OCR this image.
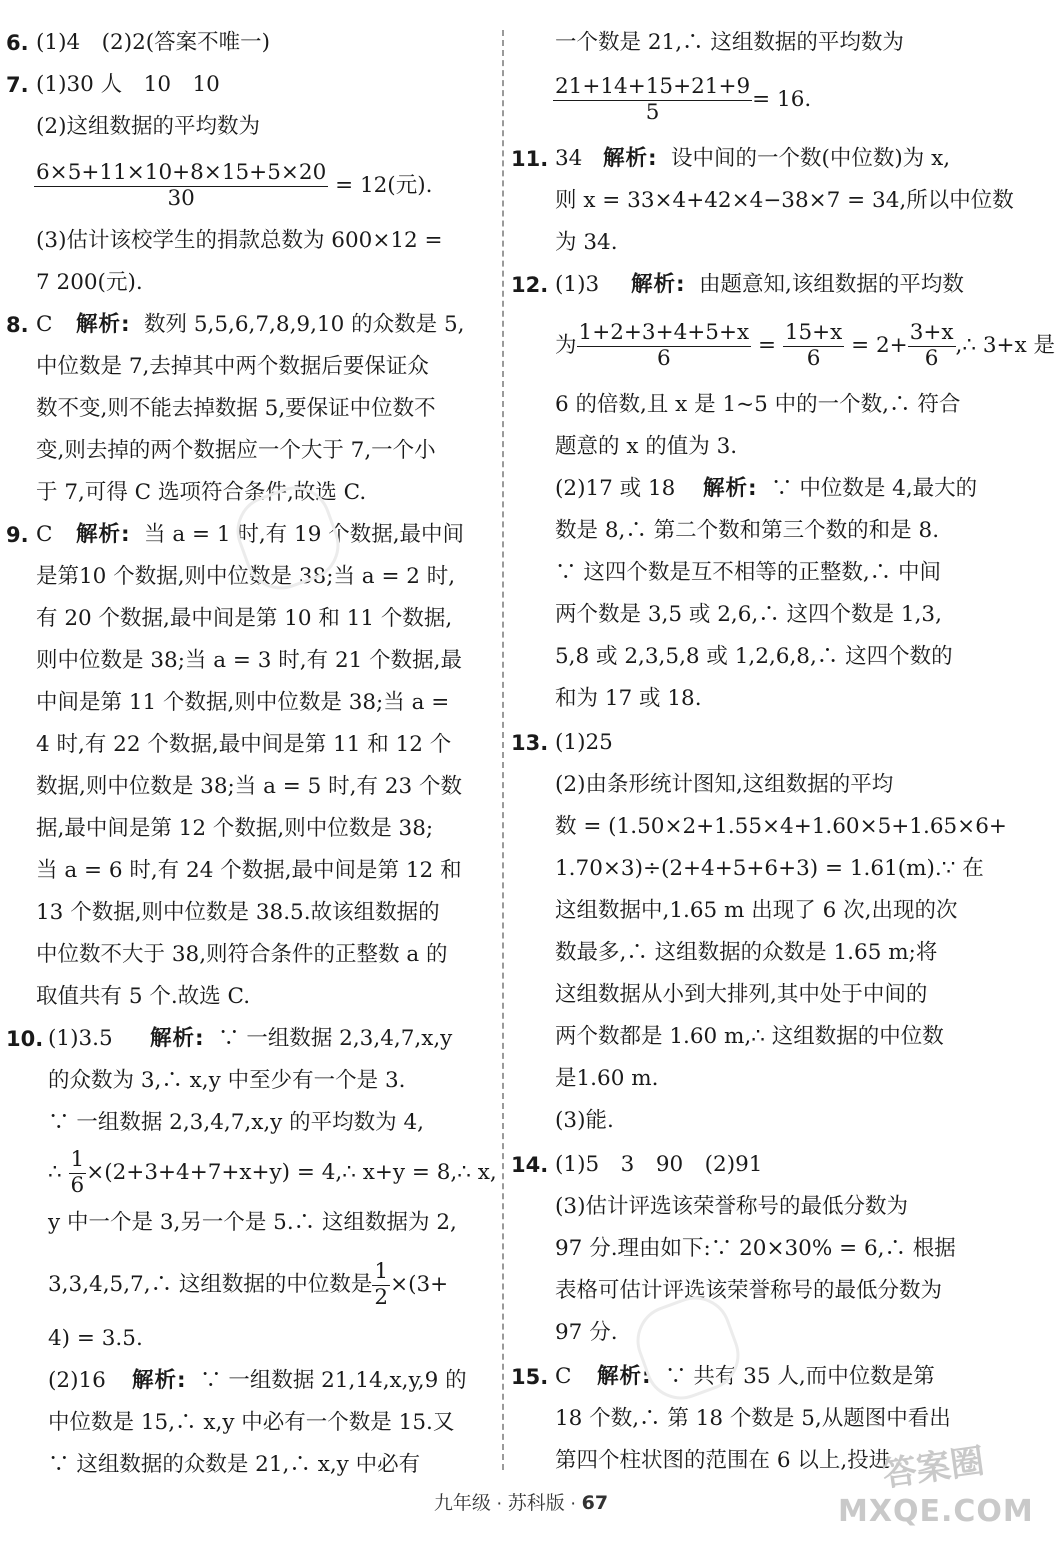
6. (1)4　(2)2(答案不唯一)
7. (1)30 人　10　10
(2)这组数据的平均数为
$\frac{6\times 5+11\times 10+8\times 15+5\times 20}{30} = 12$(元).
(3)估计该校学生的捐款总数为 600×12 =
7 200(元).
8. C 解析: 数列 5,5,6,7,8,9,10 的众数是 5,
中位数是 7,去掉其中两个数据后要保证众
数不变,则不能去掉数据 5,要保证中位数不
变,则去掉的两个数据应一个大于 7,一个小
于 7,可得 C 选项符合条件,故选 C.
9. C 解析: 当 a = 1 时,有 19 个数据,最中间
是第10 个数据,则中位数是 38;当 a = 2 时,
有 20 个数据,最中间是第 10 和 11 个数据,
则中位数是 38;当 a = 3 时,有 21 个数据,最
中间是第 11 个数据,则中位数是 38;当 a =
4 时,有 22 个数据,最中间是第 11 和 12 个
数据,则中位数是 38;当 a = 5 时,有 23 个数
据,最中间是第 12 个数据,则中位数是 38;
当 a = 6 时,有 24 个数据,最中间是第 12 和
13 个数据,则中位数是 38.5.故该组数据的
中位数不大于 38,则符合条件的正整数 a 的
取值共有 5 个.故选 C.
10. (1)3.5 解析: ∵ 一组数据 2,3,4,7,x,y
的众数为 3,∴ x,y 中至少有一个是 3.
∵ 一组数据 2,3,4,7,x,y 的平均数为 4,
∴ $\frac{1}{6} \times(2+3+4+7+x+y)$ = 4,∴ x+y = 8,∴ x,
y 中一个是 3,另一个是 5.∴ 这组数据为 2,
3,3,4,5,7,∴ 这组数据的中位数是 $\frac{1}{2} \times(3+$
4) = 3.5.
(2)16 解析: ∵ 一组数据 21,14,x,y,9 的
中位数是 15,∴ x,y 中必有一个数是 15.又
∵ 这组数据的众数是 21,∴ x,y 中必有
一个数是 21,∴ 这组数据的平均数为
$\frac{21+14+15+21+9}{5} = 16$.
11. 34 解析: 设中间的一个数(中位数)为 x,
则 x = 33×4+42×4−38×7 = 34,所以中位数
为 34.
12. (1)3 解析: 由题意知,该组数据的平均数
为 $\frac{1+2+3+4+5+x}{6} = \frac{15+x}{6} = 2+ \frac{3+x}{6}$ ,∴ 3+x 是
6 的倍数,且 x 是 1~5 中的一个数,∴ 符合
题意的 x 的值为 3.
(2)17 或 18 解析: ∵ 中位数是 4,最大的
数是 8,∴ 第二个数和第三个数的和是 8.
∵ 这四个数是互不相等的正整数,∴ 中间
两个数是 3,5 或 2,6,∴ 这四个数是 1,3,
5,8 或 2,3,5,8 或 1,2,6,8,∴ 这四个数的
和为 17 或 18.
13. (1)25
(2)由条形统计图知,这组数据的平均
数 = (1.50×2+1.55×4+1.60×5+1.65×6+
1.70×3)÷(2+4+5+6+3) = 1.61(m).∵ 在
这组数据中,1.65 m 出现了 6 次,出现的次
数最多,∴ 这组数据的众数是 1.65 m;将
这组数据从小到大排列,其中处于中间的
两个数都是 1.60 m,∴ 这组数据的中位数
是1.60 m.
(3)能.
14. (1)5　3　90　(2)91
(3)估计评选该荣誉称号的最低分数为
97 分.理由如下:∵ 20×30% = 6,∴ 根据
表格可估计评选该荣誉称号的最低分数为
97 分.
15. C 解析: ∵ 共有 35 人,而中位数是第
18 个数,∴ 第 18 个数是 5,从题图中看出
第四个柱状图的范围在 6 以上,投进
答案圈
MXQE.COM
九年级 · 苏科版 · 67
